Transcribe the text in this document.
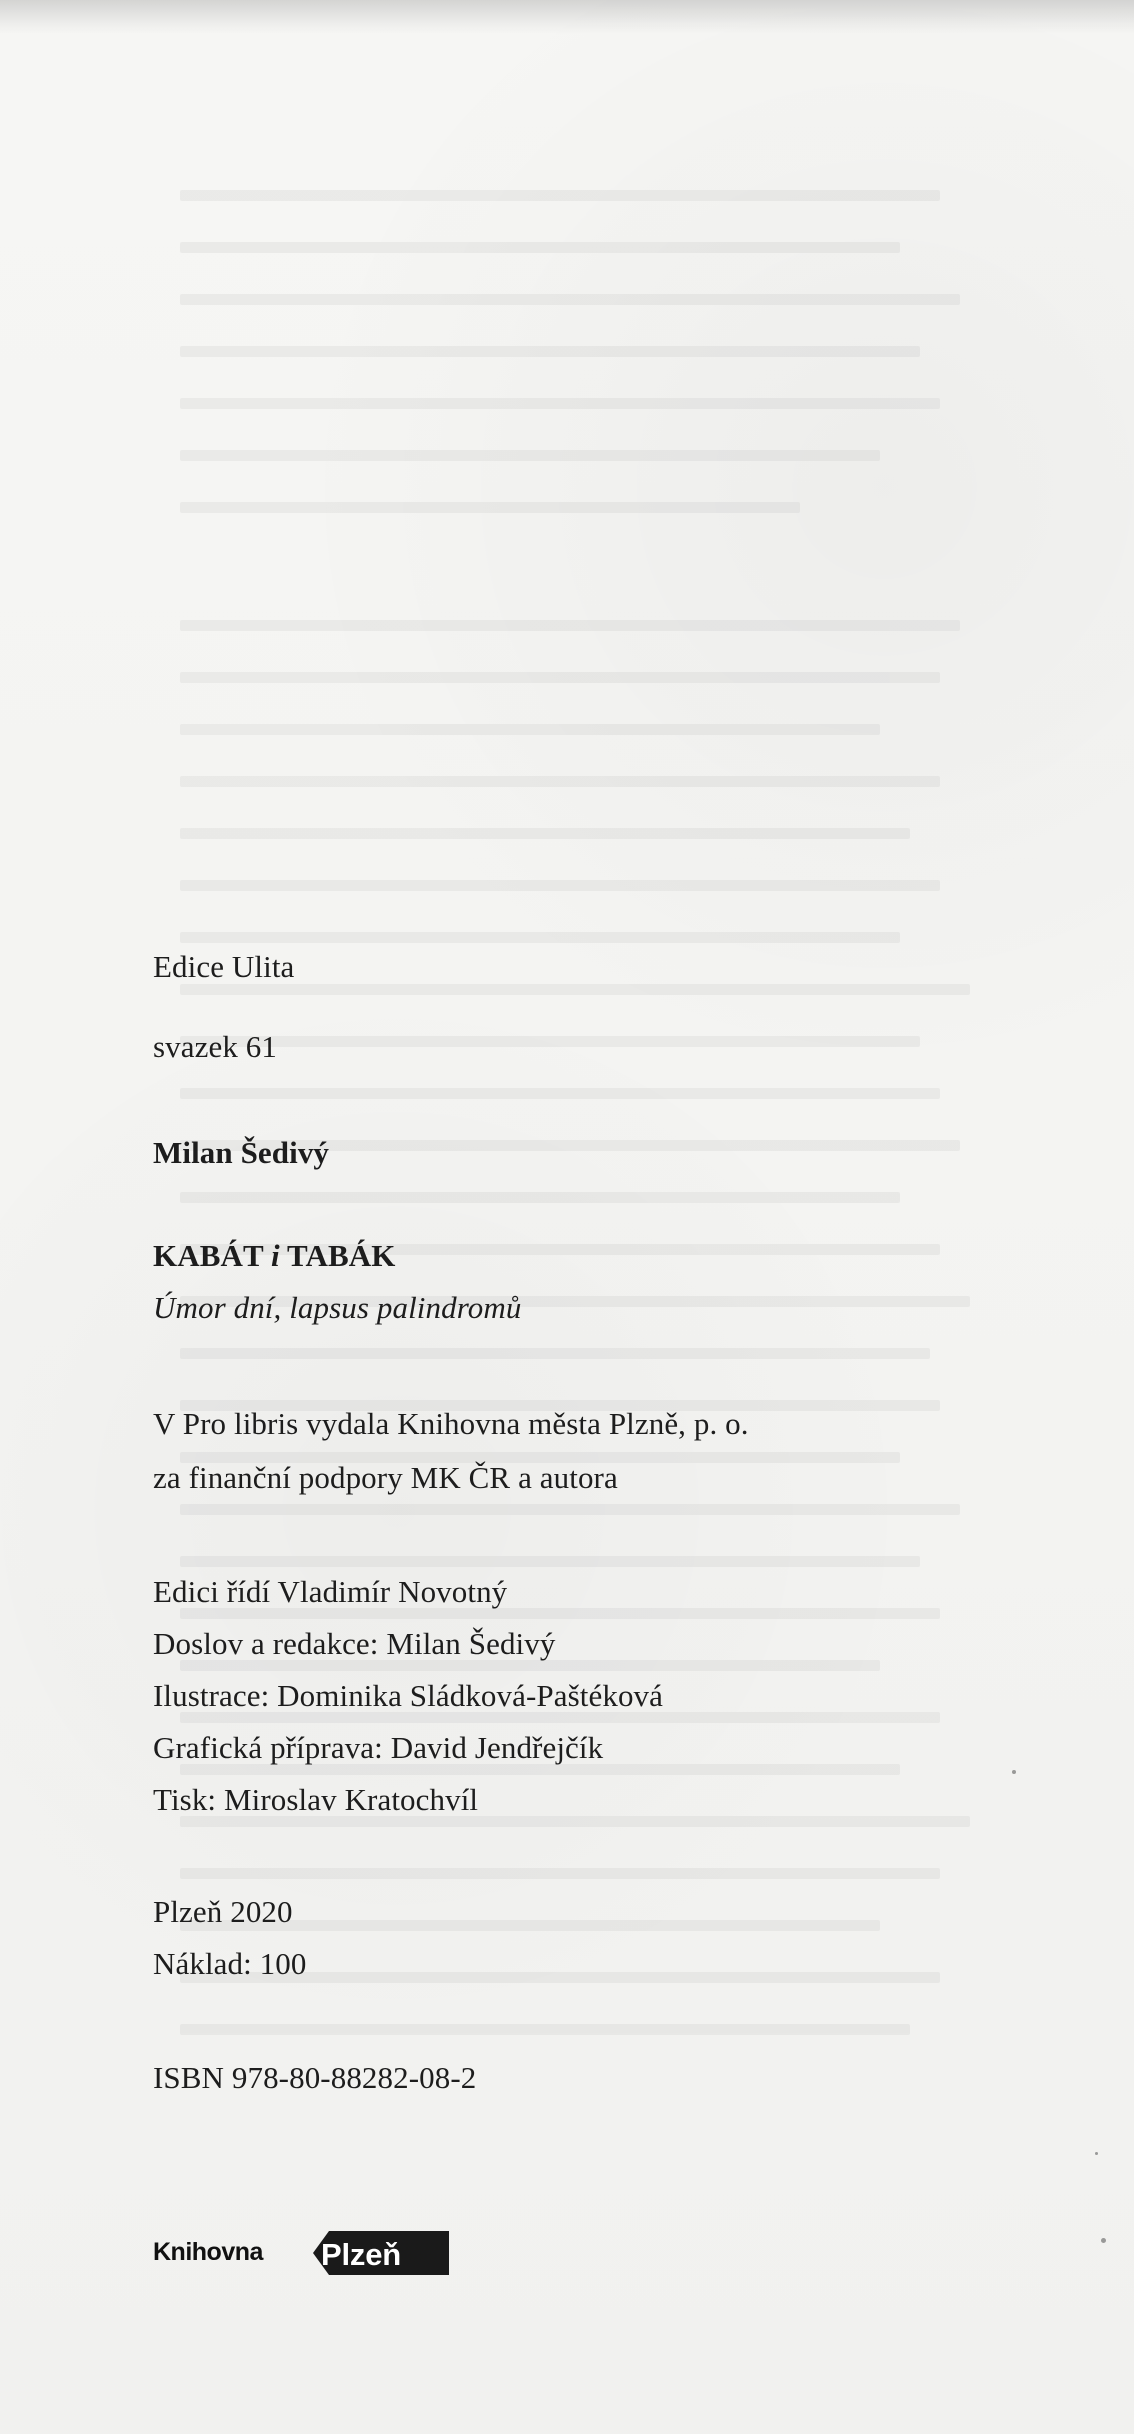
Edice Ulita
svazek 61
Milan Šedivý
KABÁT i TABÁK
Úmor dní, lapsus palindromů
V Pro libris vydala Knihovna města Plzně, p. o.
za finanční podpory MK ČR a autora
Edici řídí Vladimír Novotný
Doslov a redakce: Milan Šedivý
Ilustrace: Dominika Sládková-Paštéková
Grafická příprava: David Jendřejčík
Tisk: Miroslav Kratochvíl
Plzeň 2020
Náklad: 100
ISBN 978-80-88282-08-2
Knihovna Plzeň
